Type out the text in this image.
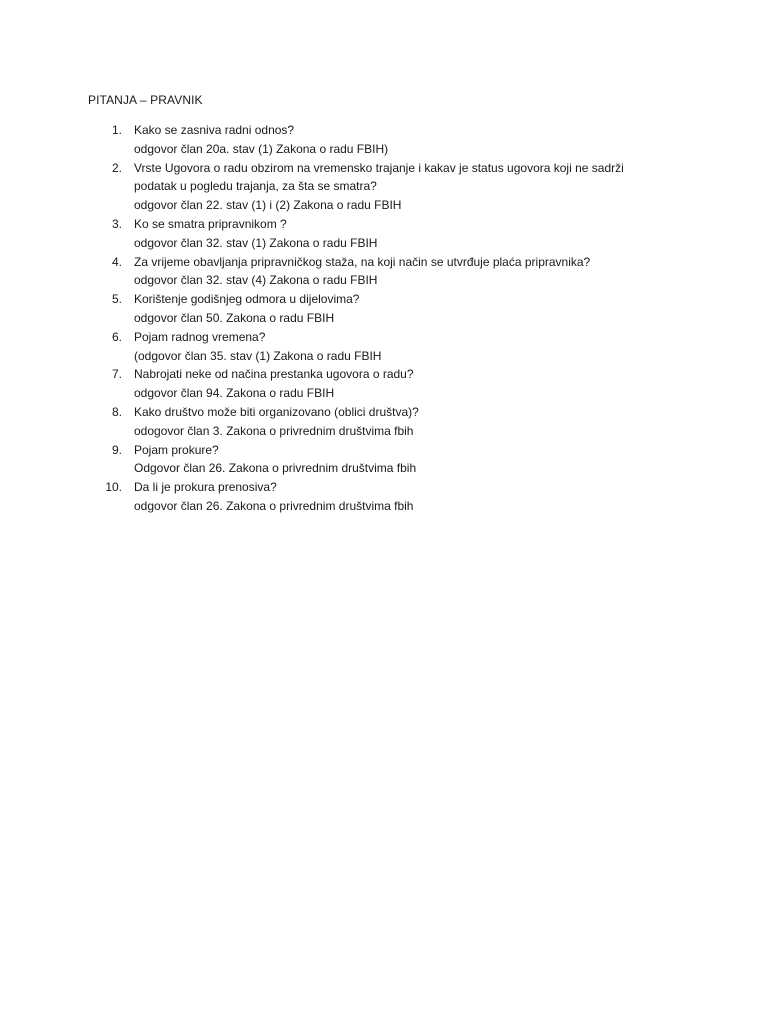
PITANJA – PRAVNIK
1. Kako se zasniva radni odnos?
odgovor član 20a. stav (1) Zakona o radu FBIH)
2. Vrste Ugovora o radu obzirom na vremensko trajanje i kakav je status ugovora koji ne sadrži podatak u pogledu trajanja, za šta se smatra?
odgovor član 22. stav (1) i (2) Zakona o radu FBIH
3. Ko se smatra pripravnikom ?
odgovor član 32. stav (1) Zakona o radu FBIH
4. Za vrijeme obavljanja pripravničkog staža, na koji način se utvrđuje plaća pripravnika?
odgovor član 32. stav (4) Zakona o radu FBIH
5. Korištenje godišnjeg odmora u dijelovima?
odgovor član 50. Zakona o radu FBIH
6. Pojam radnog vremena?
(odgovor član 35. stav (1) Zakona o radu FBIH
7. Nabrojati neke od načina prestanka ugovora o radu?
odgovor član 94. Zakona o radu FBIH
8. Kako društvo može biti organizovano (oblici društva)?
odogovor član 3. Zakona o privrednim društvima fbih
9. Pojam prokure?
Odgovor član 26. Zakona o privrednim društvima fbih
10. Da li je prokura prenosiva?
odgovor član 26. Zakona o privrednim društvima fbih
